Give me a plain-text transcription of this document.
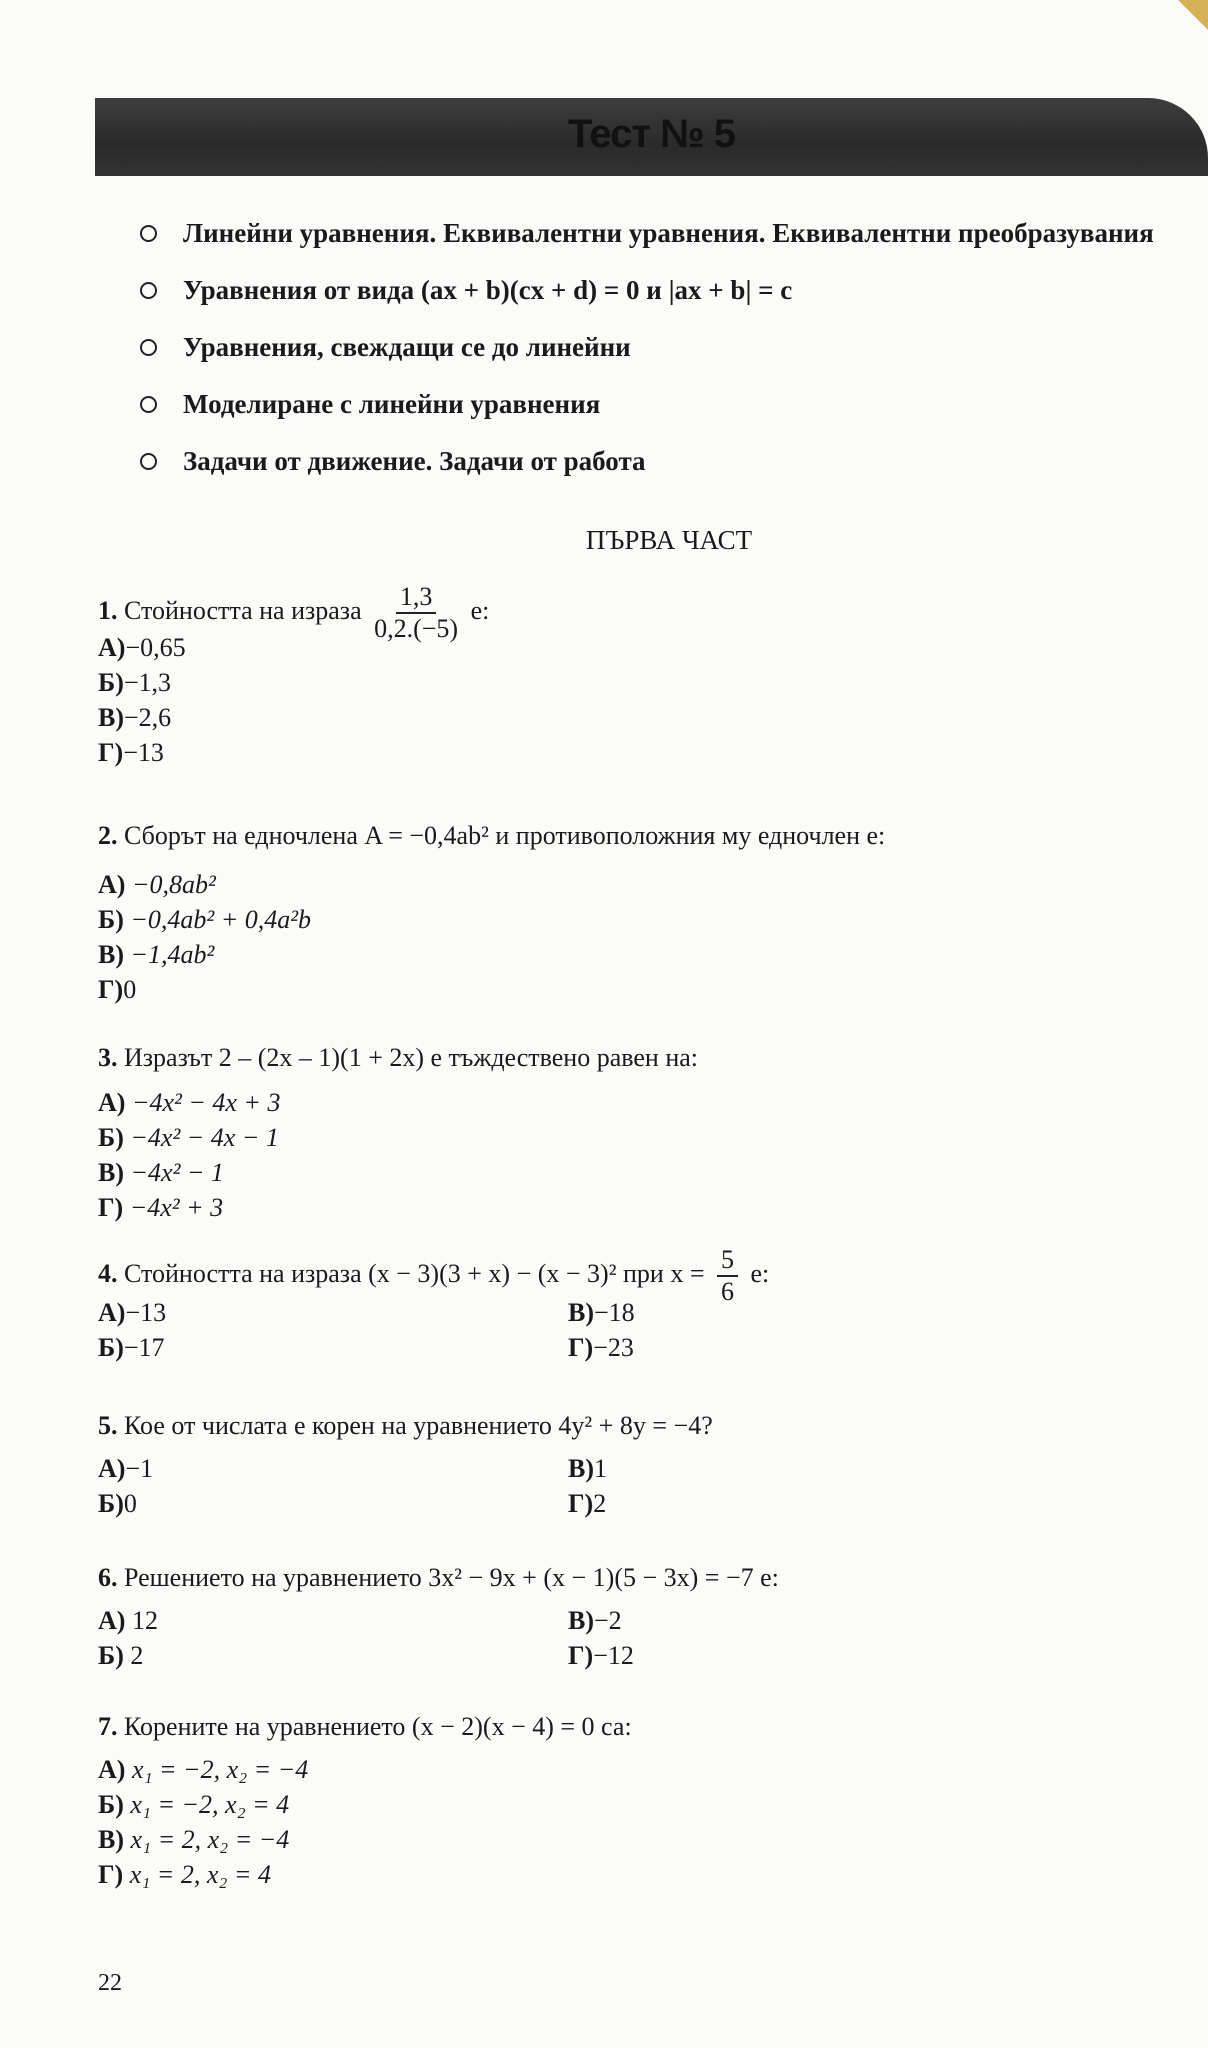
Тест № 5
Линейни уравнения. Еквивалентни уравнения. Еквивалентни преобразувания
Уравнения от вида (ax + b)(cx + d) = 0 и |ax + b| = c
Уравнения, свеждащи се до линейни
Моделиране с линейни уравнения
Задачи от движение. Задачи от работа
ПЪРВА ЧАСТ
1. Стойността на израза $\frac{1,3}{0,2.(-5)} е$:
А)−0,65
Б)−1,3
В)−2,6
Г)−13
2. Сборът на едночлена A = −0,4ab² и противоположния му едночлен е:
А) −0,8ab²
Б) −0,4ab² + 0,4a²b
В) −1,4ab²
Г)0
3. Изразът 2 – (2x – 1)(1 + 2x) е тъждествено равен на:
А) −4x² − 4x + 3
Б) −4x² − 4x − 1
В) −4x² − 1
Г) −4x² + 3
4. Стойността на израза (x − 3)(3 + x) − (x − 3)² при $x = \frac{5}{6} е$:
А)−13	В)−18
Б)−17	Г)−23
5. Кое от числата е корен на уравнението 4y² + 8y = −4?
А)−1	В)1
Б)0	Г)2
6. Решението на уравнението 3x² − 9x + (x − 1)(5 − 3x) = −7 е:
А) 12	В)−2
Б) 2	Г)−12
7. Корените на уравнението (x − 2)(x − 4) = 0 са:
А) x₁ = −2, x₂ = −4
Б) x₁ = −2, x₂ = 4
В) x₁ = 2, x₂ = −4
Г) x₁ = 2, x₂ = 4
22
